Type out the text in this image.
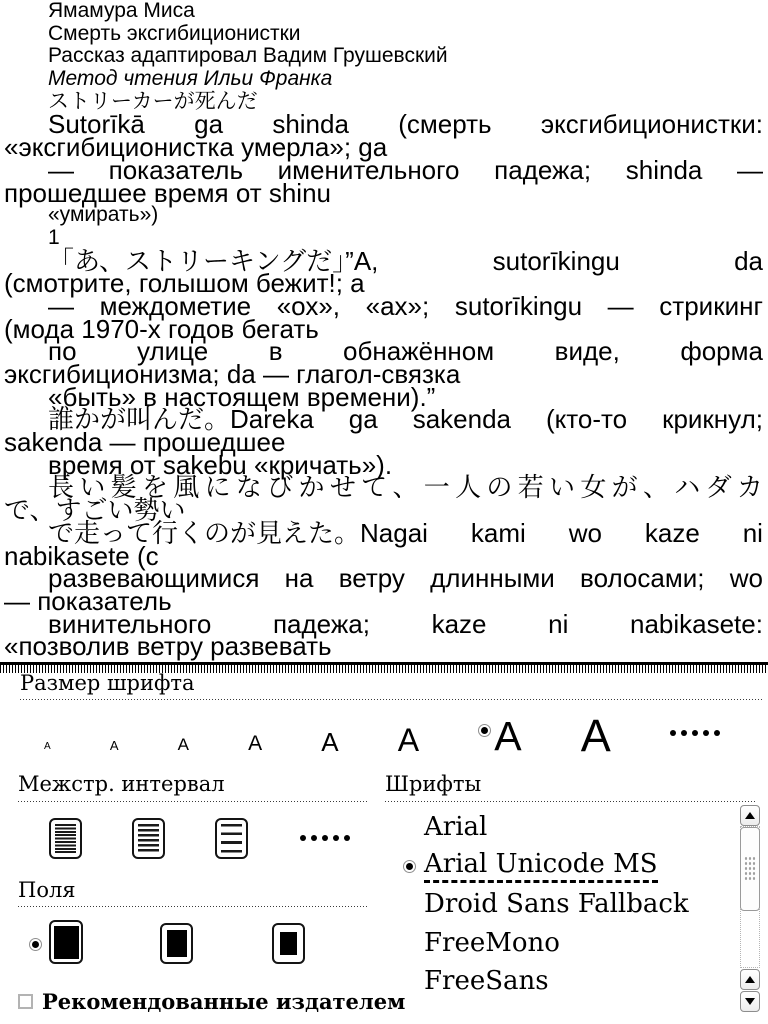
Ямамура Миса
Смерть эксгибиционистки
Рассказ адаптировал Вадим Грушевский
Метод чтения Ильи Франка
ストリーカーが死んだ
Sutorīkā ga shinda (смерть эксгибиционистки:
«эксгибиционистка умерла»; ga
— показатель именительного падежа; shinda —
прошедшее время от shinu
«умирать»)
1
「あ、ストリーキングだ」”A,	sutorīkingu	da
(смотрите, голышом бежит!; a
— междометие «ох», «ах»; sutorīkingu — стрикинг
(мода 1970-х годов бегать
по улице в обнажённом виде, форма
эксгибиционизма; da — глагол-связка
«быть» в настоящем времени).”
誰かが叫んだ。Dareka ga sakenda (кто-то крикнул;
sakenda — прошедшее
время от sakebu «кричать»).
長 い 髪 を 風 に な び か せ て 、 一 人 の 若 い 女 が 、 ハ ダ カ
で、すごい勢い
で走って行くのが見えた。Nagai kami wo kaze ni
nabikasete (с
развевающимися на ветру длинными волосами; wo
— показатель
винительного падежа; kaze ni nabikasete:
«позволив ветру развевать
Размер шрифта
A	A	A	A A A A A
Межстр. интервал	Шрифты
Arial
Arial Unicode MS
Droid Sans Fallback
FreeMono
FreeSans
Поля
Рекомендованные издателем
